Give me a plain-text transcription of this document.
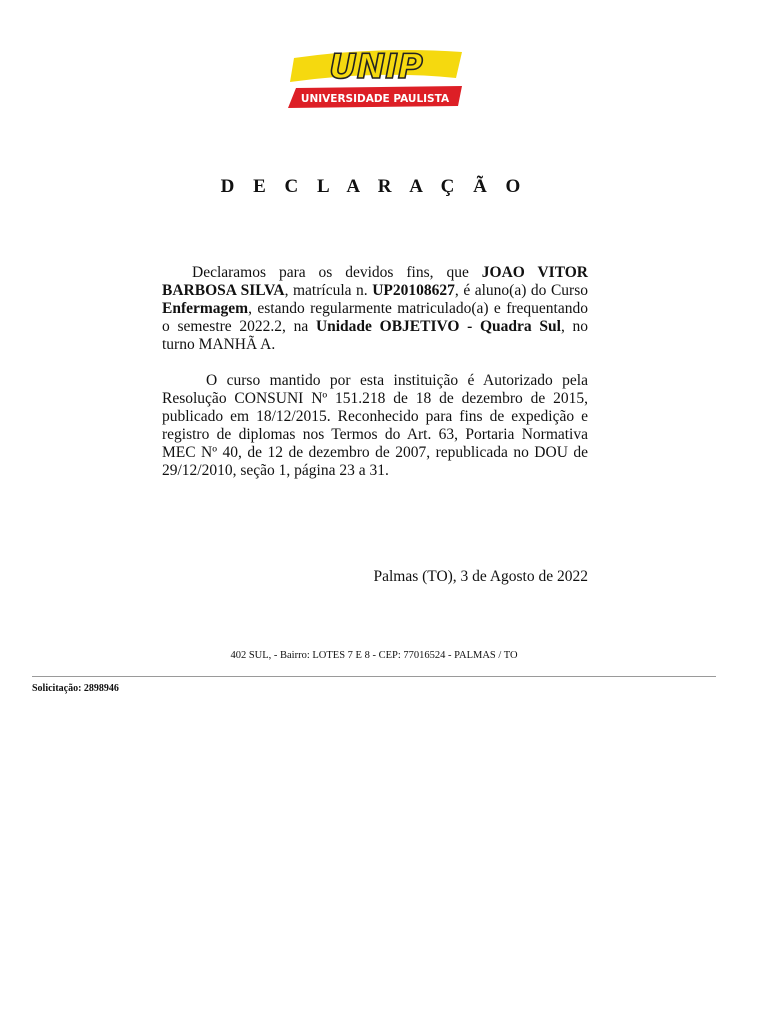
UNIP
UNIVERSIDADE PAULISTA
D E C L A R A Ç Ã O

Declaramos para os devidos fins, que JOAO VITOR BARBOSA SILVA, matrícula n. UP20108627, é aluno(a) do Curso Enfermagem, estando regularmente matriculado(a) e frequentando o semestre 2022.2, na Unidade OBJETIVO - Quadra Sul, no turno MANHÃ A.

O curso mantido por esta instituição é Autorizado pela Resolução CONSUNI Nº 151.218 de 18 de dezembro de 2015, publicado em 18/12/2015. Reconhecido para fins de expedição e registro de diplomas nos Termos do Art. 63, Portaria Normativa MEC Nº 40, de 12 de dezembro de 2007, republicada no DOU de 29/12/2010, seção 1, página 23 a 31.

Palmas (TO), 3 de Agosto de 2022
402 SUL, - Bairro: LOTES 7 E 8 - CEP: 77016524 - PALMAS / TO
Solicitação: 2898946
